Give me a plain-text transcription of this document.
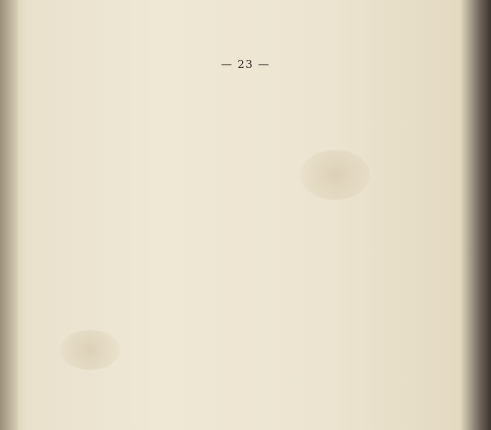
— 23 —
